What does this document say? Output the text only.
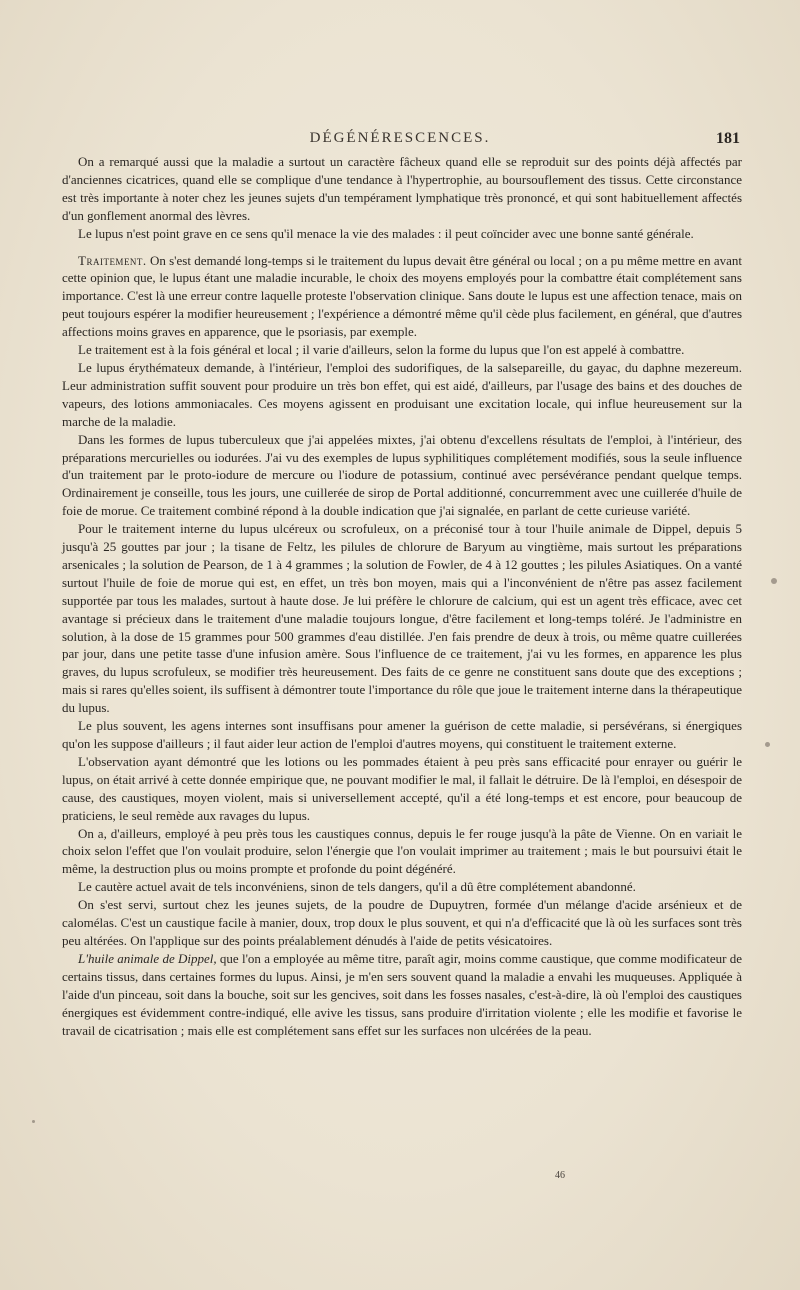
DÉGÉNÉRESCENCES.	181

On a remarqué aussi que la maladie a surtout un caractère fâcheux quand elle se reproduit sur des points déjà affectés par d'anciennes cicatrices, quand elle se complique d'une tendance à l'hypertrophie, au boursouflement des tissus. Cette circonstance est très importante à noter chez les jeunes sujets d'un tempérament lymphatique très prononcé, et qui sont habituellement affectés d'un gonflement anormal des lèvres.

Le lupus n'est point grave en ce sens qu'il menace la vie des malades : il peut coïncider avec une bonne santé générale.

Traitement. On s'est demandé long-temps si le traitement du lupus devait être général ou local ; on a pu même mettre en avant cette opinion que, le lupus étant une maladie incurable, le choix des moyens employés pour la combattre était complétement sans importance. C'est là une erreur contre laquelle proteste l'observation clinique. Sans doute le lupus est une affection tenace, mais on peut toujours espérer la modifier heureusement ; l'expérience a démontré même qu'il cède plus facilement, en général, que d'autres affections moins graves en apparence, que le psoriasis, par exemple.

Le traitement est à la fois général et local ; il varie d'ailleurs, selon la forme du lupus que l'on est appelé à combattre.

Le lupus érythémateux demande, à l'intérieur, l'emploi des sudorifiques, de la salsepareille, du gayac, du daphne mezereum. Leur administration suffit souvent pour produire un très bon effet, qui est aidé, d'ailleurs, par l'usage des bains et des douches de vapeurs, des lotions ammoniacales. Ces moyens agissent en produisant une excitation locale, qui influe heureusement sur la marche de la maladie.

Dans les formes de lupus tuberculeux que j'ai appelées mixtes, j'ai obtenu d'excellens résultats de l'emploi, à l'intérieur, des préparations mercurielles ou iodurées. J'ai vu des exemples de lupus syphilitiques complétement modifiés, sous la seule influence d'un traitement par le proto-iodure de mercure ou l'iodure de potassium, continué avec persévérance pendant quelque temps. Ordinairement je conseille, tous les jours, une cuillerée de sirop de Portal additionné, concurremment avec une cuillerée d'huile de foie de morue. Ce traitement combiné répond à la double indication que j'ai signalée, en parlant de cette curieuse variété.

Pour le traitement interne du lupus ulcéreux ou scrofuleux, on a préconisé tour à tour l'huile animale de Dippel, depuis 5 jusqu'à 25 gouttes par jour ; la tisane de Feltz, les pilules de chlorure de Baryum au vingtième, mais surtout les préparations arsenicales ; la solution de Pearson, de 1 à 4 grammes ; la solution de Fowler, de 4 à 12 gouttes ; les pilules Asiatiques. On a vanté surtout l'huile de foie de morue qui est, en effet, un très bon moyen, mais qui a l'inconvénient de n'être pas assez facilement supportée par tous les malades, surtout à haute dose. Je lui préfère le chlorure de calcium, qui est un agent très efficace, avec cet avantage si précieux dans le traitement d'une maladie toujours longue, d'être facilement et long-temps toléré. Je l'administre en solution, à la dose de 15 grammes pour 500 grammes d'eau distillée. J'en fais prendre de deux à trois, ou même quatre cuillerées par jour, dans une petite tasse d'une infusion amère. Sous l'influence de ce traitement, j'ai vu les formes, en apparence les plus graves, du lupus scrofuleux, se modifier très heureusement. Des faits de ce genre ne constituent sans doute que des exceptions ; mais si rares qu'elles soient, ils suffisent à démontrer toute l'importance du rôle que joue le traitement interne dans la thérapeutique du lupus.

Le plus souvent, les agens internes sont insuffisans pour amener la guérison de cette maladie, si persévérans, si énergiques qu'on les suppose d'ailleurs ; il faut aider leur action de l'emploi d'autres moyens, qui constituent le traitement externe.

L'observation ayant démontré que les lotions ou les pommades étaient à peu près sans efficacité pour enrayer ou guérir le lupus, on était arrivé à cette donnée empirique que, ne pouvant modifier le mal, il fallait le détruire. De là l'emploi, en désespoir de cause, des caustiques, moyen violent, mais si universellement accepté, qu'il a été long-temps et est encore, pour beaucoup de praticiens, le seul remède aux ravages du lupus.

On a, d'ailleurs, employé à peu près tous les caustiques connus, depuis le fer rouge jusqu'à la pâte de Vienne. On en variait le choix selon l'effet que l'on voulait produire, selon l'énergie que l'on voulait imprimer au traitement ; mais le but poursuivi était le même, la destruction plus ou moins prompte et profonde du point dégénéré.

Le cautère actuel avait de tels inconvéniens, sinon de tels dangers, qu'il a dû être complétement abandonné.

On s'est servi, surtout chez les jeunes sujets, de la poudre de Dupuytren, formée d'un mélange d'acide arsénieux et de calomélas. C'est un caustique facile à manier, doux, trop doux le plus souvent, et qui n'a d'efficacité que là où les surfaces sont très peu altérées. On l'applique sur des points préalablement dénudés à l'aide de petits vésicatoires.

L'huile animale de Dippel, que l'on a employée au même titre, paraît agir, moins comme caustique, que comme modificateur de certains tissus, dans certaines formes du lupus. Ainsi, je m'en sers souvent quand la maladie a envahi les muqueuses. Appliquée à l'aide d'un pinceau, soit dans la bouche, soit sur les gencives, soit dans les fosses nasales, c'est-à-dire, là où l'emploi des caustiques énergiques est évidemment contre-indiqué, elle avive les tissus, sans produire d'irritation violente ; elle les modifie et favorise le travail de cicatrisation ; mais elle est complétement sans effet sur les surfaces non ulcérées de la peau.

46
